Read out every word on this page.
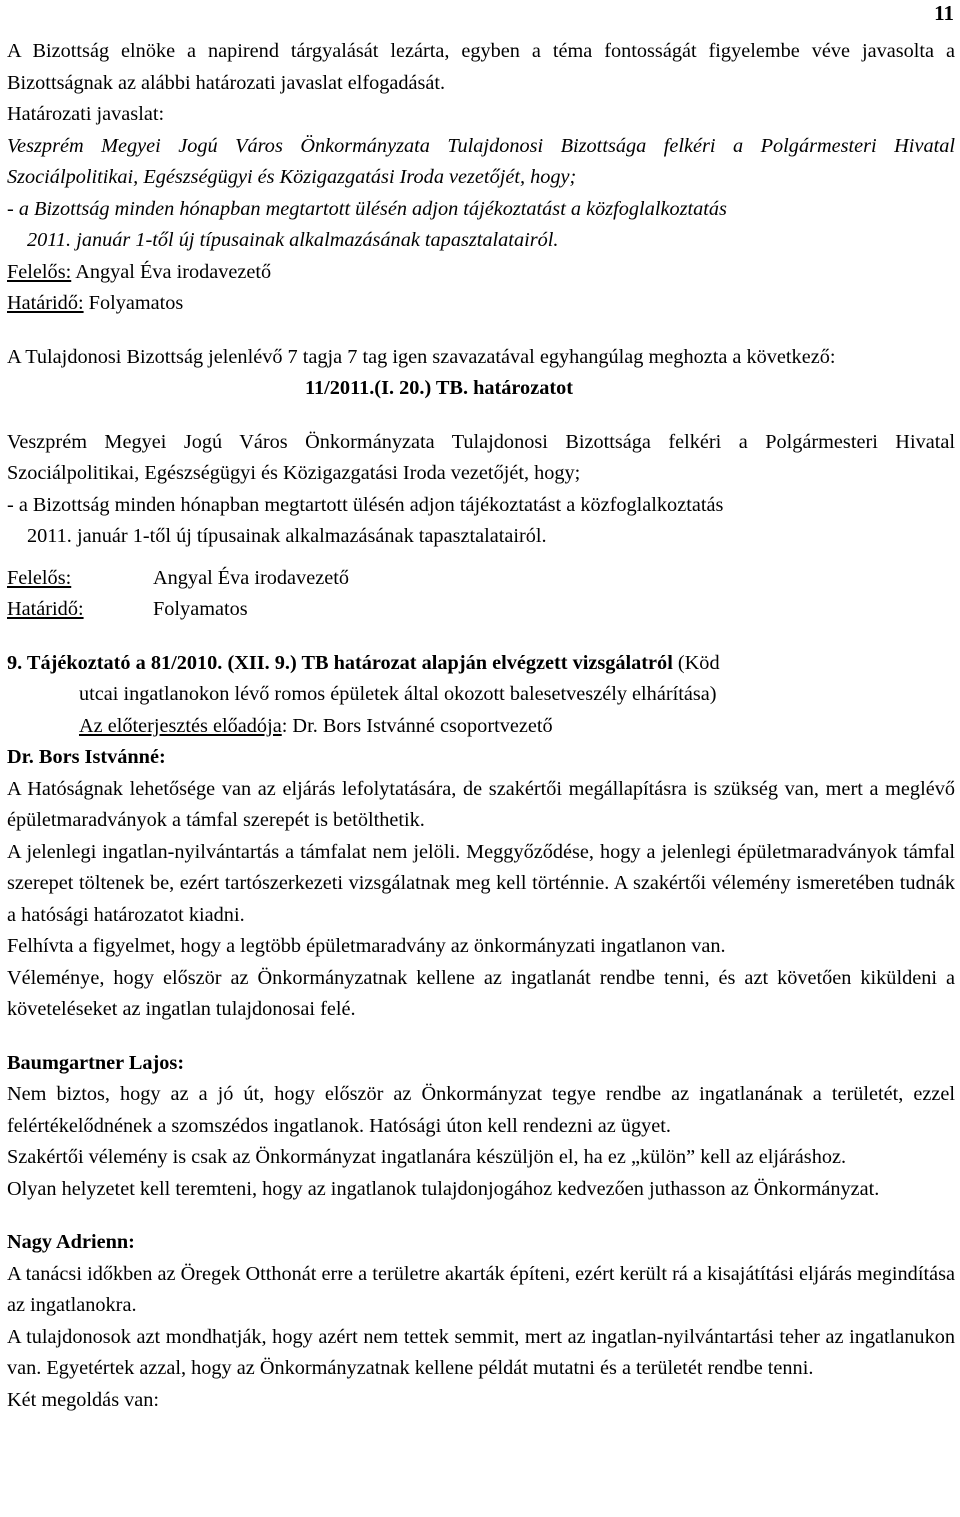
11

A Bizottság elnöke a napirend tárgyalását lezárta, egyben a téma fontosságát figyelembe véve javasolta a Bizottságnak az alábbi határozati javaslat elfogadását.

Határozati javaslat:

Veszprém Megyei Jogú Város Önkormányzata Tulajdonosi Bizottsága felkéri a Polgármesteri Hivatal Szociálpolitikai, Egészségügyi és Közigazgatási Iroda vezetőjét, hogy;

- a Bizottság minden hónapban megtartott ülésén adjon tájékoztatást a közfoglalkoztatás

2011. január 1-től új típusainak alkalmazásának tapasztalatairól.

Felelős: Angyal Éva irodavezető

Határidő: Folyamatos

A Tulajdonosi Bizottság jelenlévő 7 tagja 7 tag igen szavazatával egyhangúlag meghozta a következő:

11/2011.(I. 20.) TB. határozatot

Veszprém Megyei Jogú Város Önkormányzata Tulajdonosi Bizottsága felkéri a Polgármesteri Hivatal Szociálpolitikai, Egészségügyi és Közigazgatási Iroda vezetőjét, hogy;

- a Bizottság minden hónapban megtartott ülésén adjon tájékoztatást a közfoglalkoztatás

2011. január 1-től új típusainak alkalmazásának tapasztalatairól.

Felelős:	Angyal Éva irodavezető
Határidő:	Folyamatos

9. Tájékoztató a 81/2010. (XII. 9.) TB határozat alapján elvégzett vizsgálatról (Köd

utcai ingatlanokon lévő romos épületek által okozott balesetveszély elhárítása)

Az előterjesztés előadója: Dr. Bors Istvánné csoportvezető

Dr. Bors Istvánné:

A Hatóságnak lehetősége van az eljárás lefolytatására, de szakértői megállapításra is szükség van, mert a meglévő épületmaradványok a támfal szerepét is betölthetik.

A jelenlegi ingatlan-nyilvántartás a támfalat nem jelöli. Meggyőződése, hogy a jelenlegi épületmaradványok támfal szerepet töltenek be, ezért tartószerkezeti vizsgálatnak meg kell történnie. A szakértői vélemény ismeretében tudnák a hatósági határozatot kiadni.

Felhívta a figyelmet, hogy a legtöbb épületmaradvány az önkormányzati ingatlanon van.

Véleménye, hogy először az Önkormányzatnak kellene az ingatlanát rendbe tenni, és azt követően kiküldeni a követeléseket az ingatlan tulajdonosai felé.

Baumgartner Lajos:

Nem biztos, hogy az a jó út, hogy először az Önkormányzat tegye rendbe az ingatlanának a területét, ezzel felértékelődnének a szomszédos ingatlanok. Hatósági úton kell rendezni az ügyet.

Szakértői vélemény is csak az Önkormányzat ingatlanára készüljön el, ha ez „külön” kell az eljáráshoz.

Olyan helyzetet kell teremteni, hogy az ingatlanok tulajdonjogához kedvezően juthasson az Önkormányzat.

Nagy Adrienn:

A tanácsi időkben az Öregek Otthonát erre a területre akarták építeni, ezért került rá a kisajátítási eljárás megindítása az ingatlanokra.

A tulajdonosok azt mondhatják, hogy azért nem tettek semmit, mert az ingatlan-nyilvántartási teher az ingatlanukon van. Egyetértek azzal, hogy az Önkormányzatnak kellene példát mutatni és a területét rendbe tenni.

Két megoldás van:
